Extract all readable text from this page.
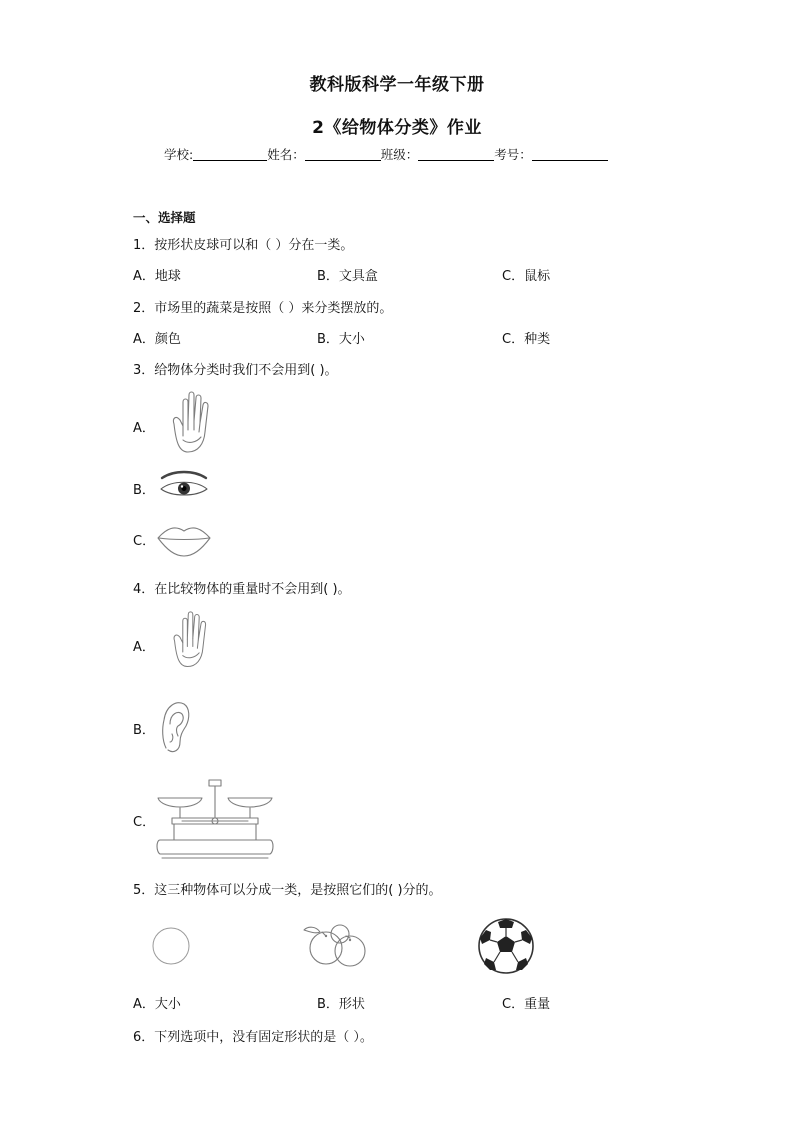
教科版科学一年级下册
2《给物体分类》作业
学校:	姓名：	班级：	考号：
一、选择题
1．按形状皮球可以和（ ）分在一类。
A．地球	B．文具盒	C．鼠标
2．市场里的蔬菜是按照（ ）来分类摆放的。
A．颜色	B．大小	C．种类
3．给物体分类时我们不会用到( )。
A．
B．
C．
4．在比较物体的重量时不会用到( )。
A．
B．
C．
5．这三种物体可以分成一类，是按照它们的( )分的。
A．大小	B．形状	C．重量
6．下列选项中，没有固定形状的是（ ）。
